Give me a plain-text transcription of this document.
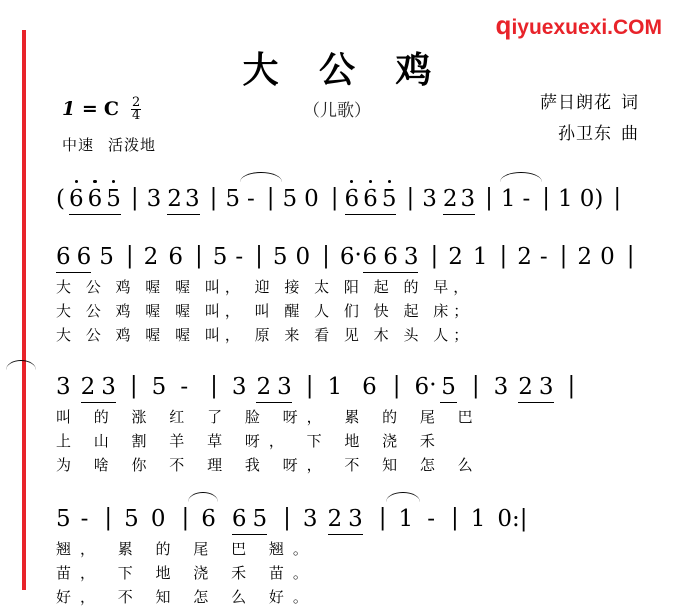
qiyuexuexi.COM
大 公 鸡
（儿歌）	萨日朗花 词
孙卫东 曲
1 = C $\frac{2}{4}$
中速 活泼地
( 6 6 5 | 3 2 3 | 5 - | 5 0 | 6 6 5 | 3 2 3 | 1 - | 1 0) |
6 6 5 | 2 6 | 5 - | 5 0 | 6·6 6 3 | 2 1 | 2 - | 2 0 |
大 公 鸡 喔 喔 叫， 迎 接 太 阳 起 的 早，
大 公 鸡 喔 喔 叫， 叫 醒 人 们 快 起 床；
大 公 鸡 喔 喔 叫， 原 来 看 见 木 头 人；
3 2 3 | 5 - | 3 2 3 | 1 6 | 6· 5 | 3 2 3 |
叫 的 涨 红 了 脸 呀， 累 的 尾 巴
上 山 割 羊 草 呀， 下 地 浇 禾
为 啥 你 不 理 我 呀， 不 知 怎 么
5 - | 5 0 | 6 6 5 | 3 2 3 | 1 - | 1 0:|
翘， 累 的 尾 巴 翘。
苗， 下 地 浇 禾 苗。
好， 不 知 怎 么 好。
